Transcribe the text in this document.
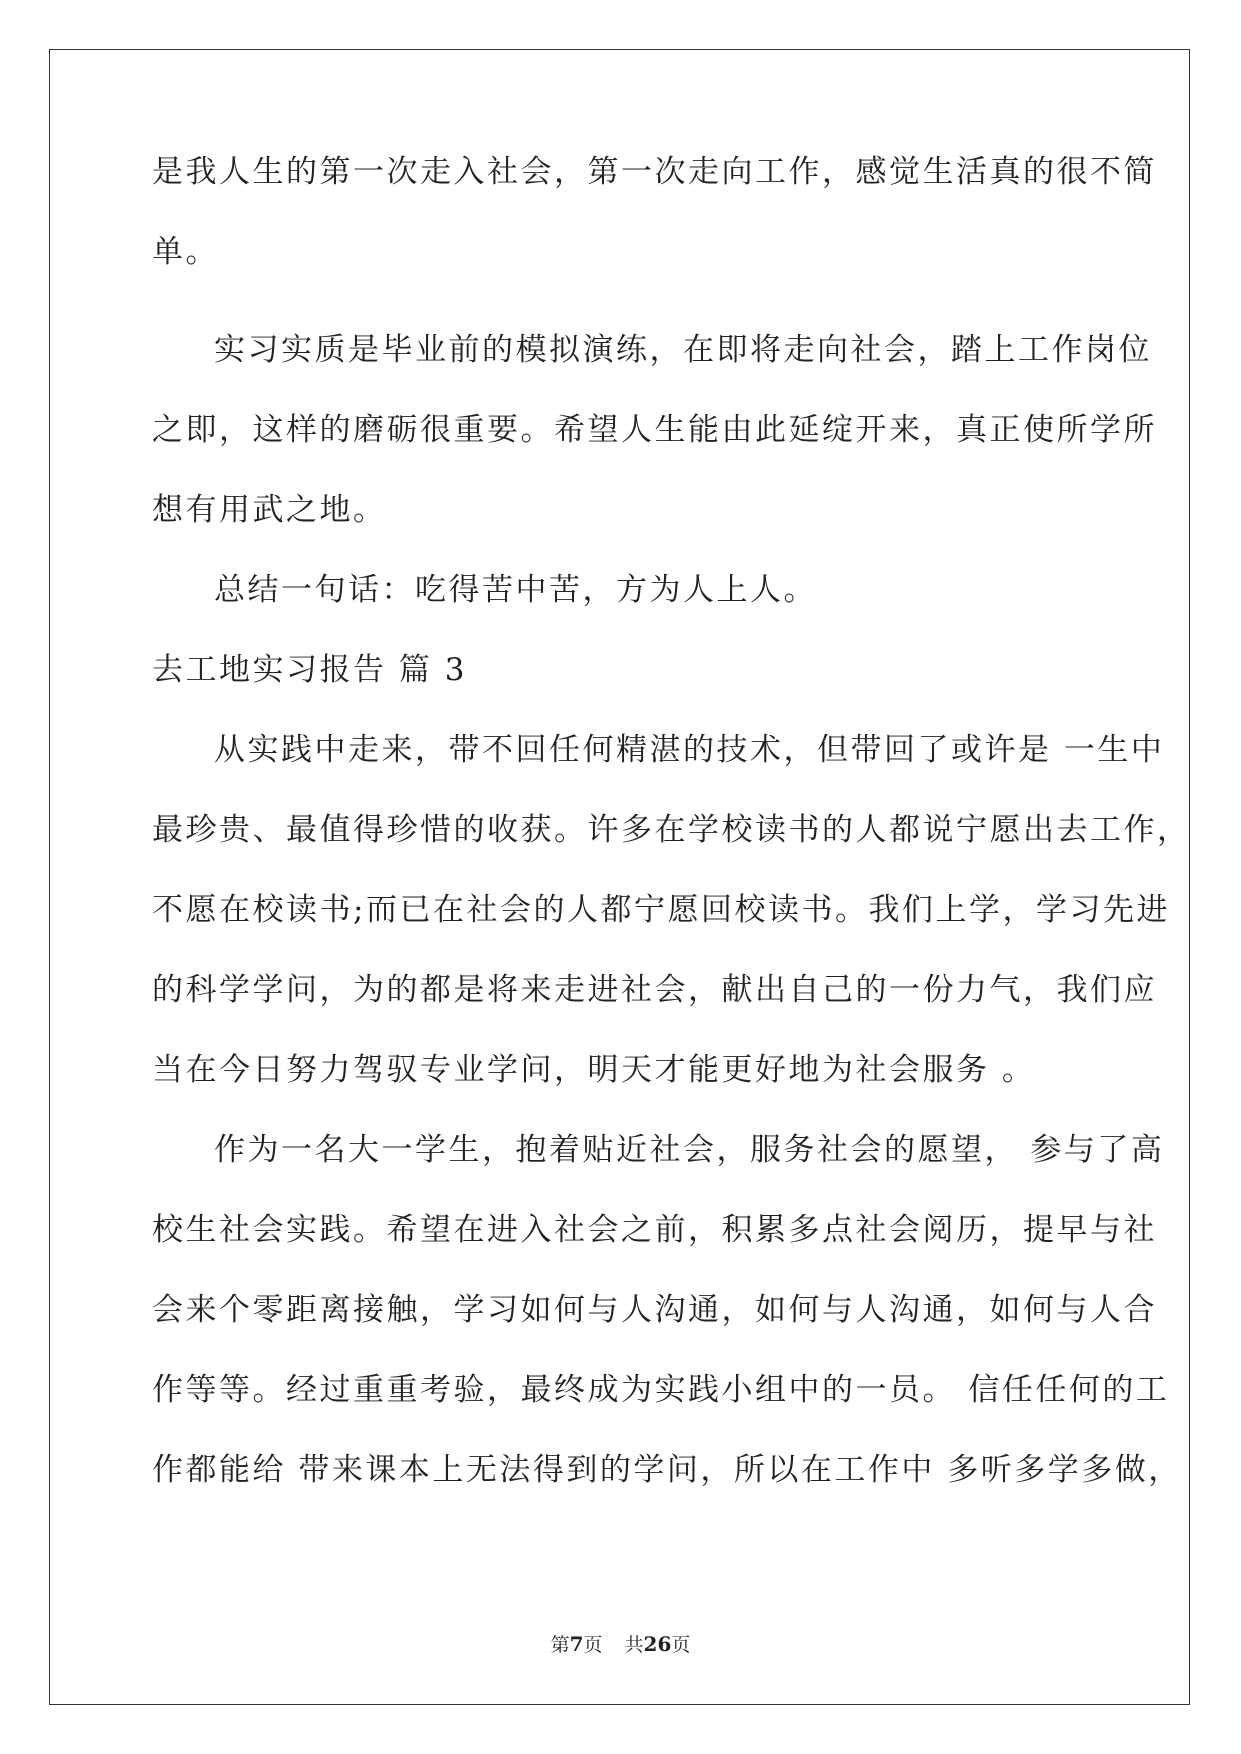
是我人生的第一次走入社会，第一次走向工作，感觉生活真的很不简
单。
实习实质是毕业前的模拟演练，在即将走向社会，踏上工作岗位
之即，这样的磨砺很重要。希望人生能由此延绽开来，真正使所学所
想有用武之地。
总结一句话：吃得苦中苦，方为人上人。
去工地实习报告 篇 3
从实践中走来，带不回任何精湛的技术，但带回了或许是 一生中
最珍贵、最值得珍惜的收获。许多在学校读书的人都说宁愿出去工作，
不愿在校读书;而已在社会的人都宁愿回校读书。我们上学，学习先进
的科学学问，为的都是将来走进社会，献出自己的一份力气，我们应
当在今日努力驾驭专业学问，明天才能更好地为社会服务 。
作为一名大一学生，抱着贴近社会，服务社会的愿望， 参与了高
校生社会实践。希望在进入社会之前，积累多点社会阅历，提早与社
会来个零距离接触，学习如何与人沟通，如何与人沟通，如何与人合
作等等。经过重重考验，最终成为实践小组中的一员。 信任任何的工
作都能给 带来课本上无法得到的学问，所以在工作中 多听多学多做，
第7页 共26页
